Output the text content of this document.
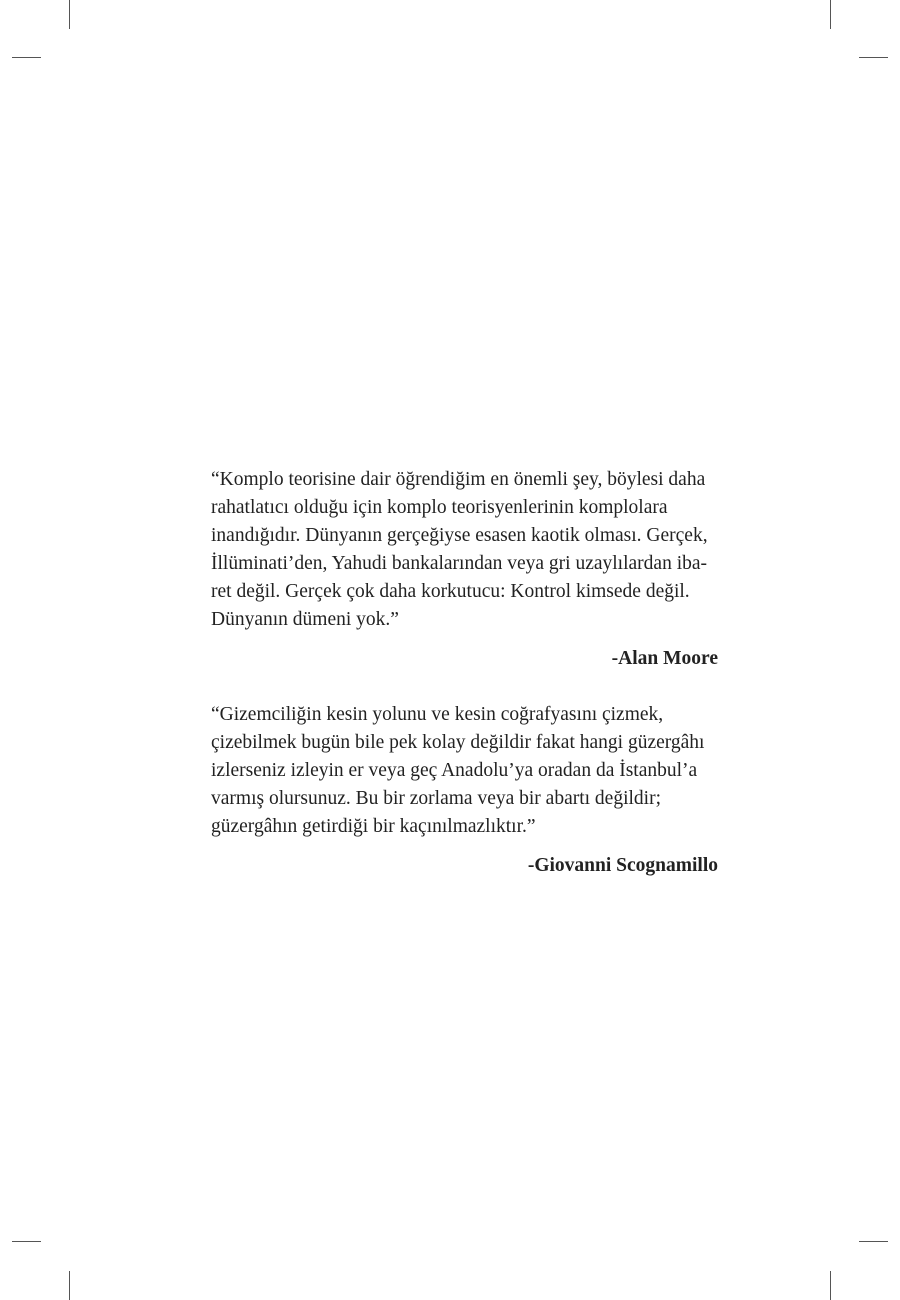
“Komplo teorisine dair öğrendiğim en önemli şey, böylesi daha
rahatlatıcı olduğu için komplo teorisyenlerinin komplolara
inandığıdır. Dünyanın gerçeğiyse esasen kaotik olması. Gerçek,
İllüminati’den, Yahudi bankalarından veya gri uzaylılardan iba-
ret değil. Gerçek çok daha korkutucu: Kontrol kimsede değil.
Dünyanın dümeni yok.”
-Alan Moore
“Gizemciliğin kesin yolunu ve kesin coğrafyasını çizmek,
çizebilmek bugün bile pek kolay değildir fakat hangi güzergâhı
izlerseniz izleyin er veya geç Anadolu’ya oradan da İstanbul’a
varmış olursunuz. Bu bir zorlama veya bir abartı değildir;
güzergâhın getirdiği bir kaçınılmazlıktır.”
-Giovanni Scognamillo
